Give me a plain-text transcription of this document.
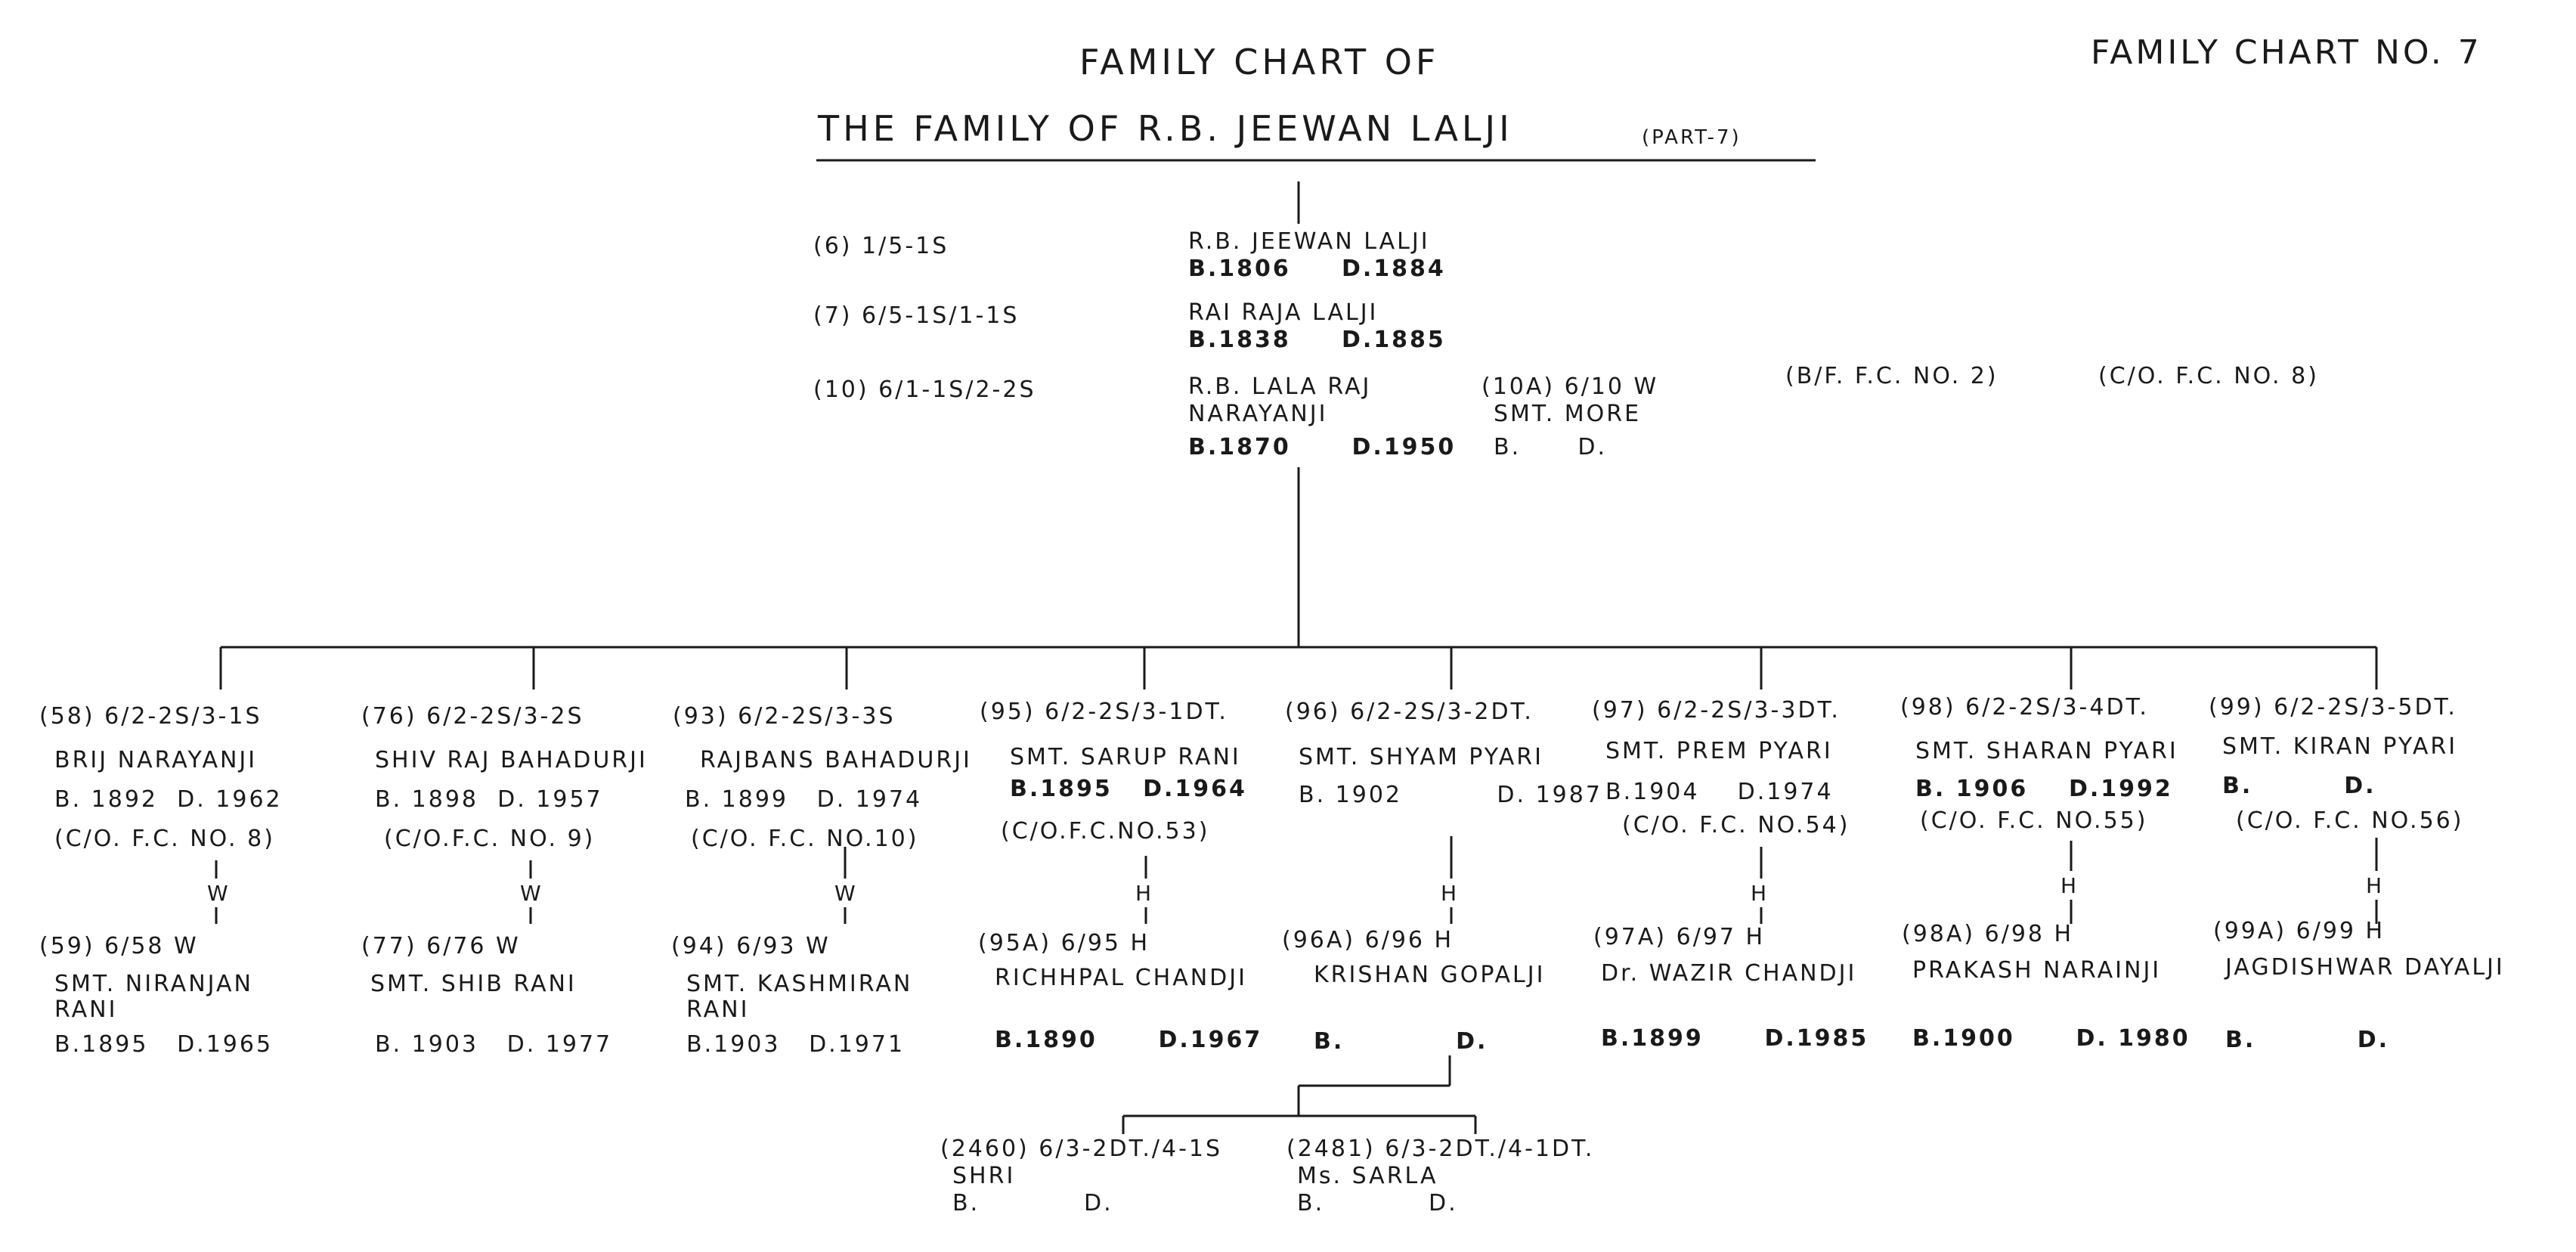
FAMILY CHART OF
THE FAMILY OF R.B. JEEWAN LALJI	(PART-7)
FAMILY CHART NO. 7
(6) 1/5-1S	R.B. JEEWAN LALJI
B.1806 D.1884
(7) 6/5-1S/1-1S	RAI RAJA LALJI
B.1838 D.1885
(10) 6/1-1S/2-2S	R.B. LALA RAJ
NARAYANJI
B.1870	D.1950
(10A) 6/10 W
SMT. MORE
B.	D.
(B/F. F.C. NO. 2)	(C/O. F.C. NO. 8)
(58) 6/2-2S/3-1S
BRIJ NARAYANJI
B. 1892 D. 1962
(C/O. F.C. NO. 8)
W
(59) 6/58 W
SMT. NIRANJAN
RANI
B.1895 D.1965
(76) 6/2-2S/3-2S
SHIV RAJ BAHADURJI
B. 1898 D. 1957
(C/O.F.C. NO. 9)
W
(77) 6/76 W
SMT. SHIB RANI
B. 1903 D. 1977
(93) 6/2-2S/3-3S
RAJBANS BAHADURJI
B. 1899 D. 1974
(C/O. F.C. NO.10)
W
(94) 6/93 W
SMT. KASHMIRAN
RANI
B.1903 D.1971
(95) 6/2-2S/3-1DT.
SMT. SARUP RANI
B.1895 D.1964
(C/O.F.C.NO.53)
H
(95A) 6/95 H
RICHHPAL CHANDJI
B.1890	D.1967
(96) 6/2-2S/3-2DT.
SMT. SHYAM PYARI
B. 1902	D. 1987
H
(96A) 6/96 H
KRISHAN GOPALJI
B.	D.
(97) 6/2-2S/3-3DT.
SMT. PREM PYARI
B.1904 D.1974
(C/O. F.C. NO.54)
H
(97A) 6/97 H
Dr. WAZIR CHANDJI
B.1899	D.1985
(98) 6/2-2S/3-4DT.
SMT. SHARAN PYARI
B. 1906 D.1992
(C/O. F.C. NO.55)
H
(98A) 6/98 H
PRAKASH NARAINJI
B.1900	D. 1980
(99) 6/2-2S/3-5DT.
SMT. KIRAN PYARI
B.	D.
(C/O. F.C. NO.56)
H
(99A) 6/99 H
JAGDISHWAR DAYALJI
B.	D.
(2460) 6/3-2DT./4-1S
SHRI
B.	D.
(2481) 6/3-2DT./4-1DT.
Ms. SARLA
B.	D.
